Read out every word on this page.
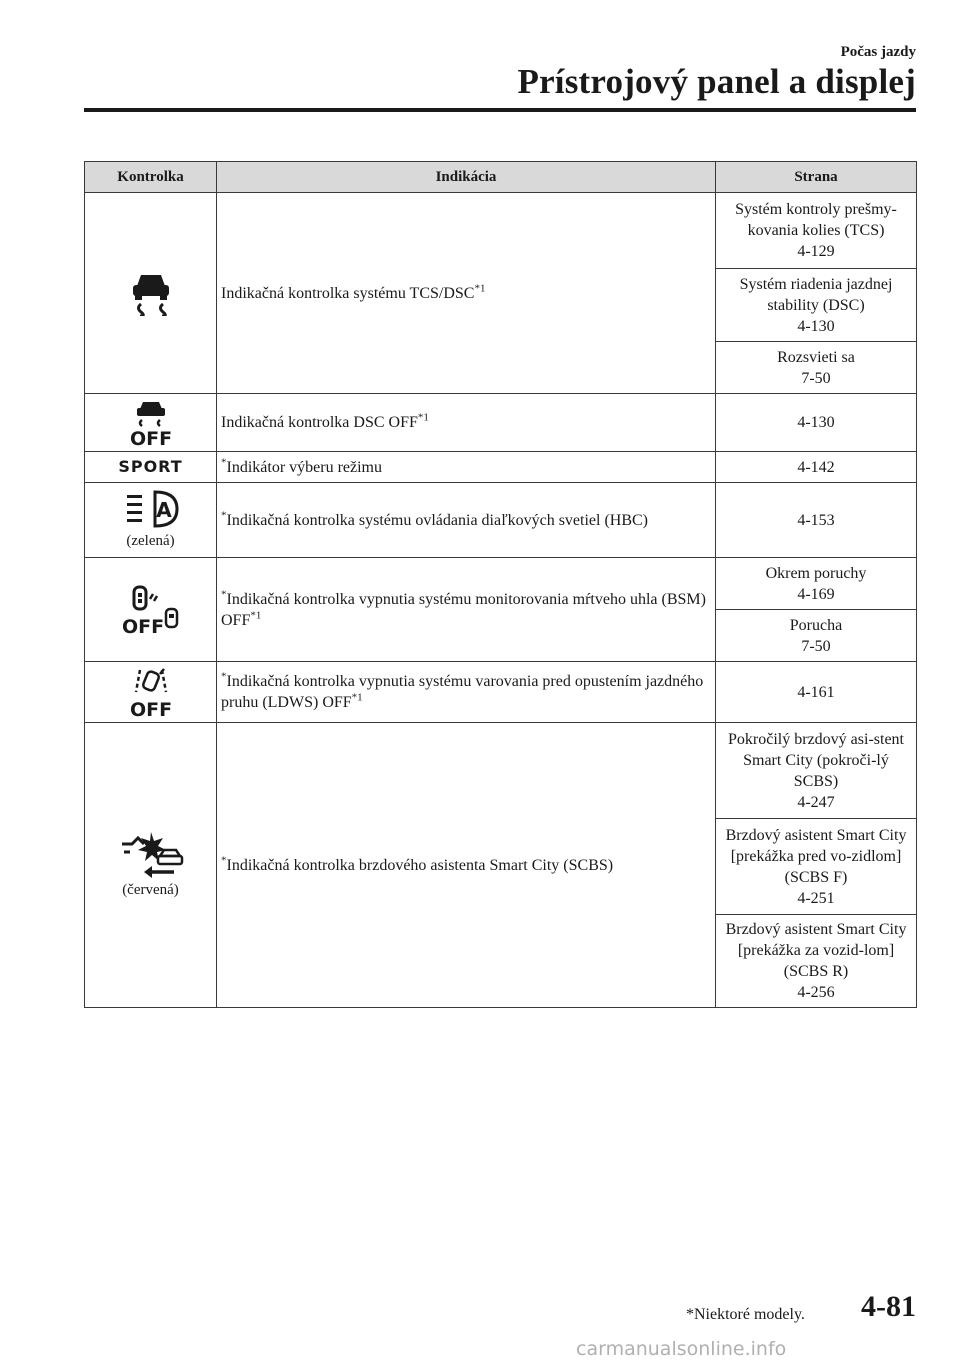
Počas jazdy
Prístrojový panel a displej
Kontrolka	Indikácia	Strana
	Indikačná kontrolka systému TCS/DSC$^{*1}$	Systém kontroly prešmy-kovania kolies (TCS)
4-129
		Systém riadenia jazdnej stability (DSC)
4-130
		Rozsvieti sa
7-50

OFF	Indikačná kontrolka DSC OFF$^{*1}$	4-130
SPORT	*Indikátor výberu režimu	4-142

A
(zelená)	*Indikačná kontrolka systému ovládania diaľkových svetiel (HBC)	4-153

OFF	*Indikačná kontrolka vypnutia systému monitorovania mŕtveho uhla (BSM) OFF$^{*1}$	Okrem poruchy
4-169
		Porucha
7-50

OFF	*Indikačná kontrolka vypnutia systému varovania pred opustením jazdného pruhu (LDWS) OFF$^{*1}$	4-161

(červená)	*Indikačná kontrolka brzdového asistenta Smart City (SCBS)	Pokročilý brzdový asi-stent Smart City (pokroči-lý SCBS)
4-247
		Brzdový asistent Smart City [prekážka pred vo-zidlom] (SCBS F)
4-251
		Brzdový asistent Smart City [prekážka za vozid-lom] (SCBS R)
4-256
*Niektoré modely. 4-81
carmanualsonline.info
